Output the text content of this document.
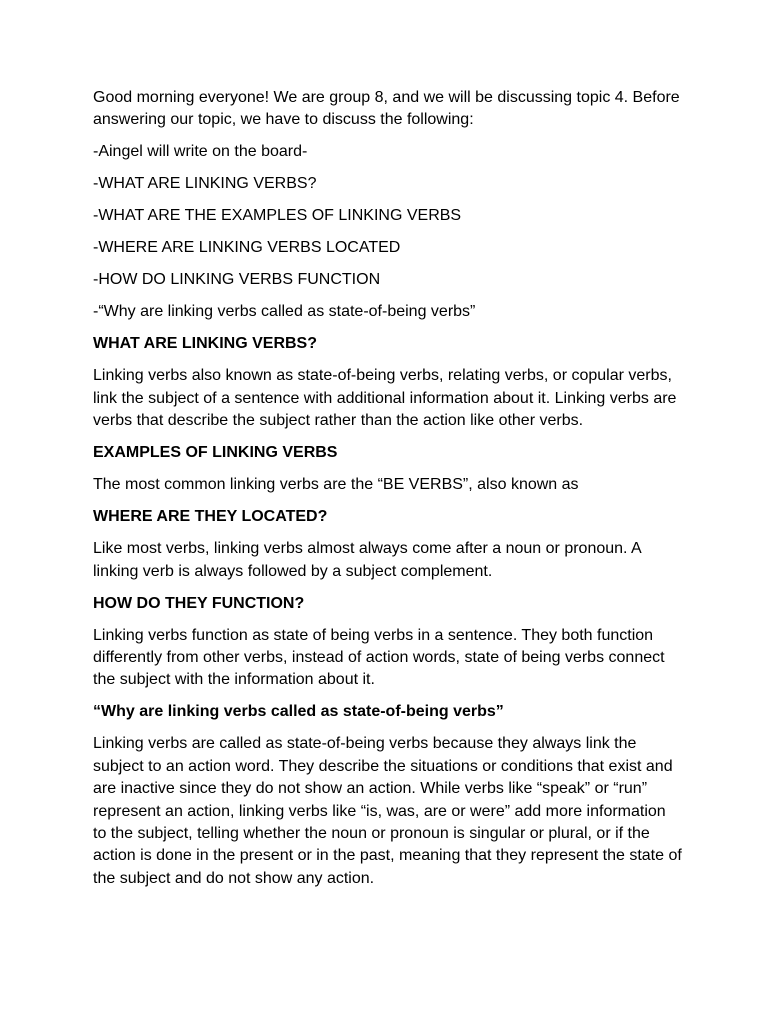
Good morning everyone! We are group 8, and we will be discussing topic 4. Before answering our topic, we have to discuss the following:

-Aingel will write on the board-

-WHAT ARE LINKING VERBS?

-WHAT ARE THE EXAMPLES OF LINKING VERBS

-WHERE ARE LINKING VERBS LOCATED

-HOW DO LINKING VERBS FUNCTION

-“Why are linking verbs called as state-of-being verbs”

WHAT ARE LINKING VERBS?

Linking verbs also known as state-of-being verbs, relating verbs, or copular verbs, link the subject of a sentence with additional information about it. Linking verbs are verbs that describe the subject rather than the action like other verbs.

EXAMPLES OF LINKING VERBS

The most common linking verbs are the “BE VERBS”, also known as

WHERE ARE THEY LOCATED?

Like most verbs, linking verbs almost always come after a noun or pronoun. A linking verb is always followed by a subject complement.

HOW DO THEY FUNCTION?

Linking verbs function as state of being verbs in a sentence. They both function differently from other verbs, instead of action words, state of being verbs connect the subject with the information about it.

“Why are linking verbs called as state-of-being verbs”

Linking verbs are called as state-of-being verbs because they always link the subject to an action word. They describe the situations or conditions that exist and are inactive since they do not show an action. While verbs like “speak” or “run” represent an action, linking verbs like “is, was, are or were” add more information to the subject, telling whether the noun or pronoun is singular or plural, or if the action is done in the present or in the past, meaning that they represent the state of the subject and do not show any action.
